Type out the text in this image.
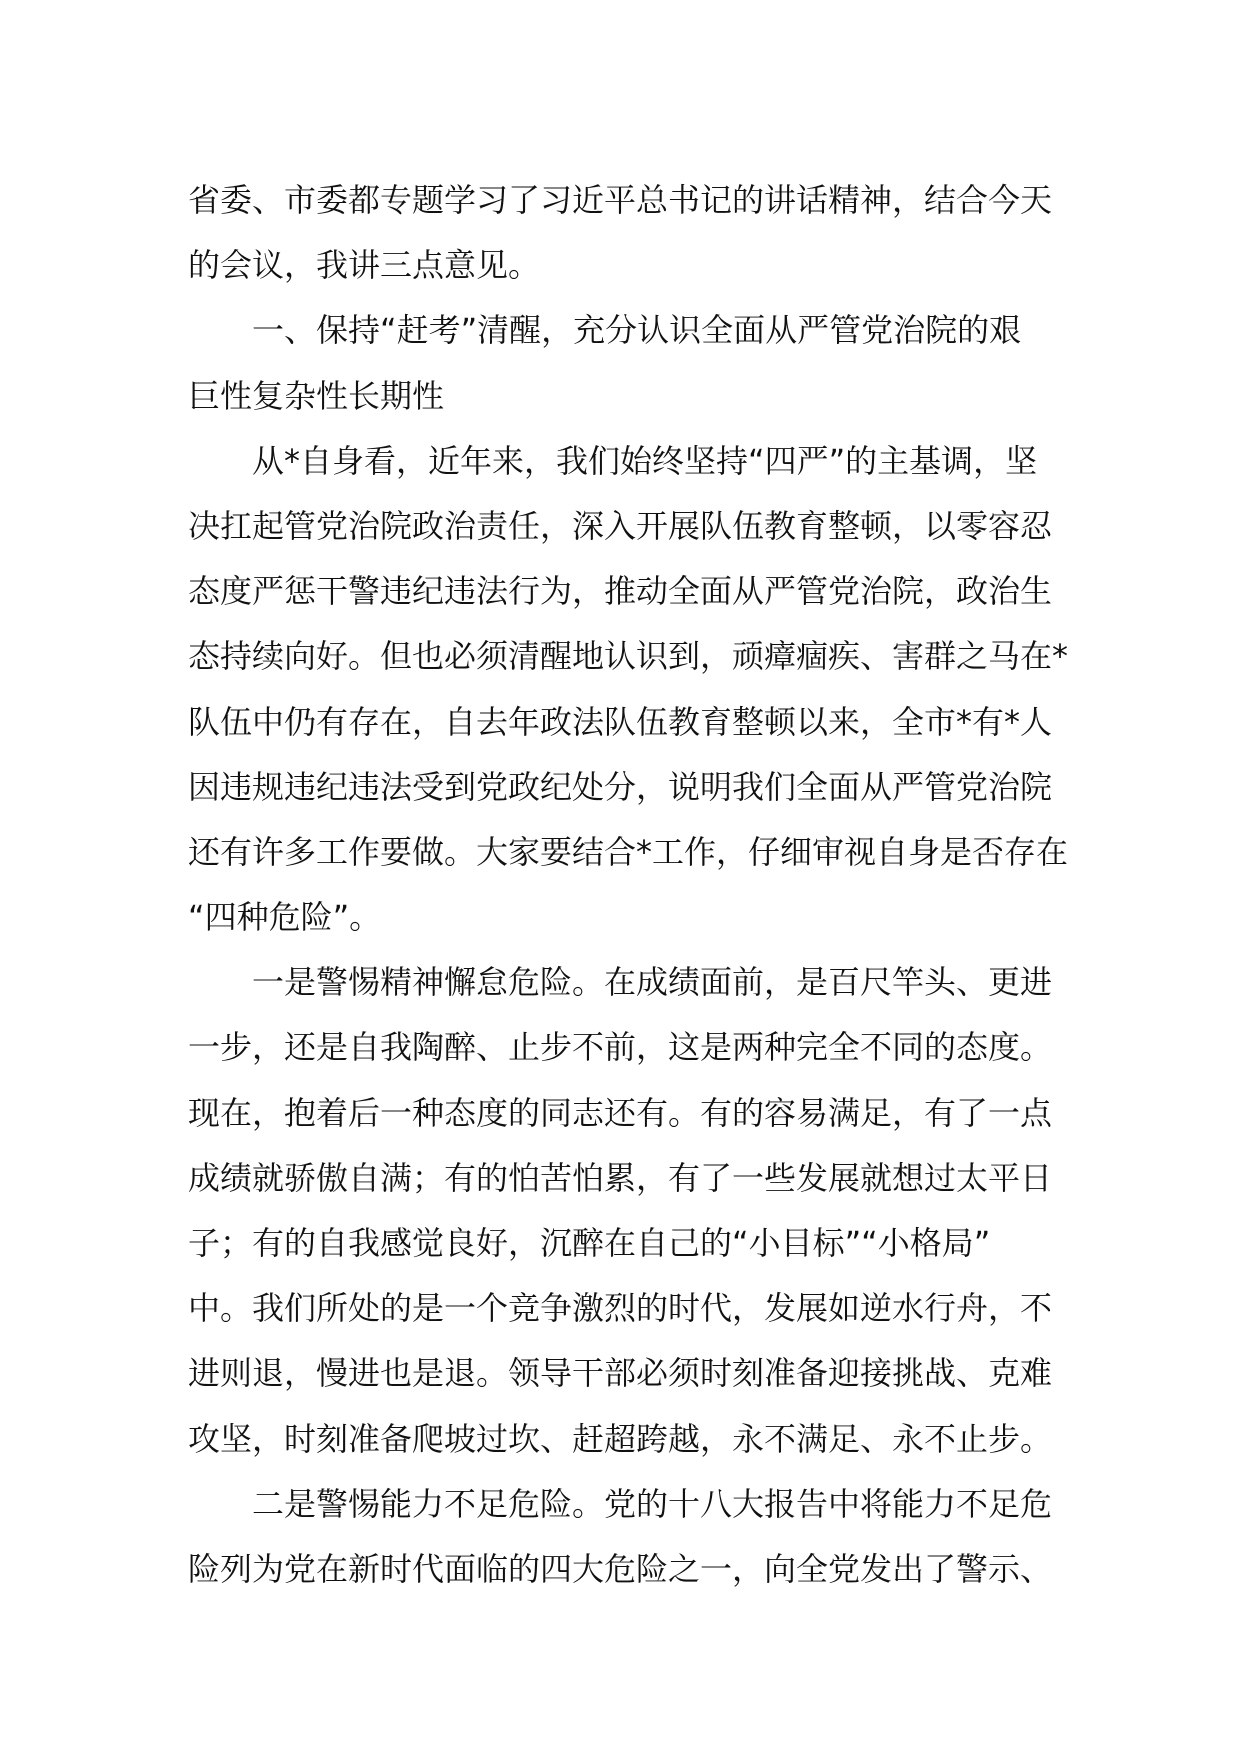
省委、市委都专题学习了习近平总书记的讲话精神，结合今天
的会议，我讲三点意见。
一、保持“赶考”清醒，充分认识全面从严管党治院的艰
巨性复杂性长期性
从*自身看，近年来，我们始终坚持“四严”的主基调，坚
决扛起管党治院政治责任，深入开展队伍教育整顿，以零容忍
态度严惩干警违纪违法行为，推动全面从严管党治院，政治生
态持续向好。但也必须清醒地认识到，顽瘴痼疾、害群之马在*
队伍中仍有存在，自去年政法队伍教育整顿以来，全市*有*人
因违规违纪违法受到党政纪处分，说明我们全面从严管党治院
还有许多工作要做。大家要结合*工作，仔细审视自身是否存在
“四种危险”。
一是警惕精神懈怠危险。在成绩面前，是百尺竿头、更进
一步，还是自我陶醉、止步不前，这是两种完全不同的态度。
现在，抱着后一种态度的同志还有。有的容易满足，有了一点
成绩就骄傲自满；有的怕苦怕累，有了一些发展就想过太平日
子；有的自我感觉良好，沉醉在自己的“小目标”“小格局”
中。我们所处的是一个竞争激烈的时代，发展如逆水行舟，不
进则退，慢进也是退。领导干部必须时刻准备迎接挑战、克难
攻坚，时刻准备爬坡过坎、赶超跨越，永不满足、永不止步。
二是警惕能力不足危险。党的十八大报告中将能力不足危
险列为党在新时代面临的四大危险之一，向全党发出了警示、
